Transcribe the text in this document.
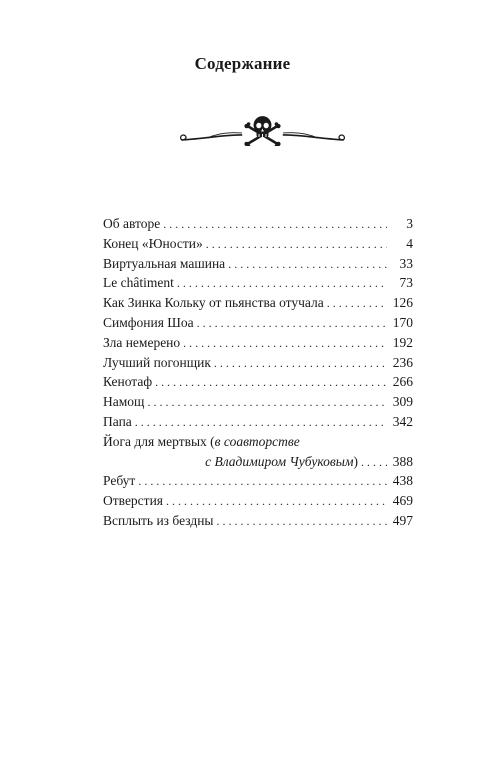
Содержание
Об авторе . . .	3
Конец «Юности» . . .	4
Виртуальная машина . . .	33
Le châtiment . . .	73
Как Зинка Кольку от пьянства отучала . . .	126
Симфония Шоа . . .	170
Зла немерено . . .	192
Лучший погонщик . . .	236
Кенотаф . . .	266
Намощ . . .	309
Папа . . .	342
Йога для мертвых (в соавторстве
с Владимиром Чубуковым) . . .	388
Ребут . . .	438
Отверстия . . .	469
Всплыть из бездны . . .	497
